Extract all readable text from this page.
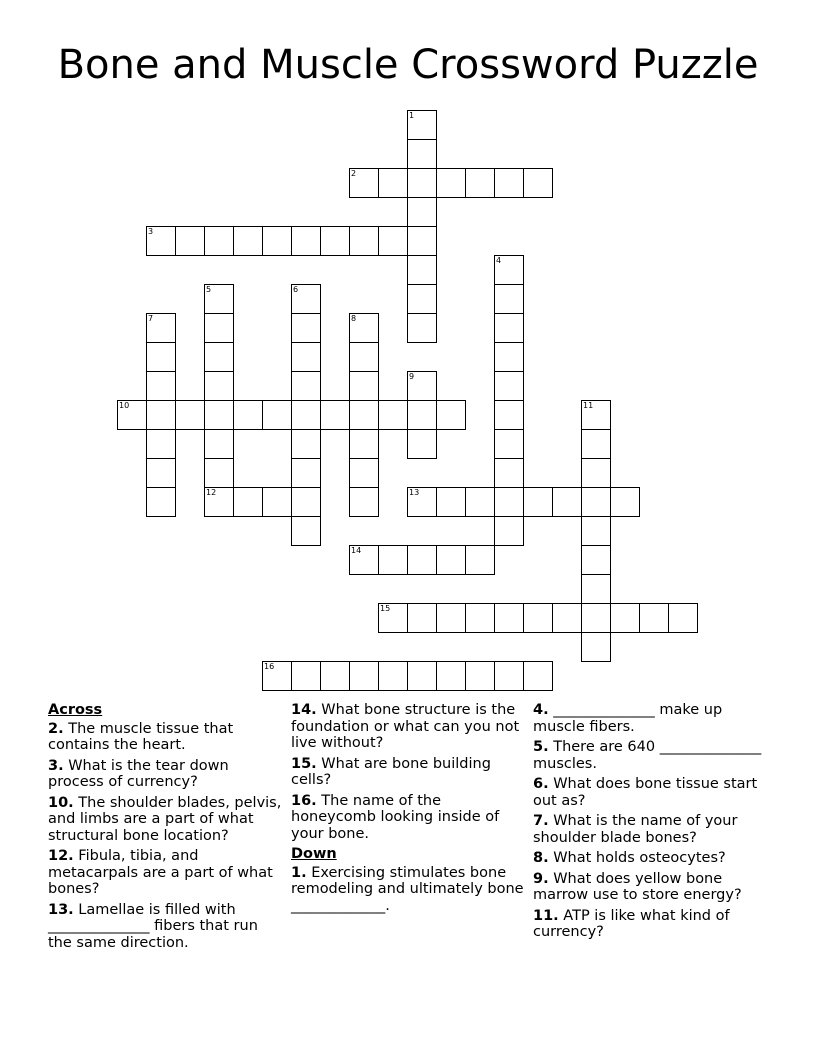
Bone and Muscle Crossword Puzzle
1
2
3
4
5
12
6
7	8
9
10	11
13
14
15
16
Across
2. The muscle tissue that contains the heart.
3. What is the tear down process of currency?
10. The shoulder blades, pelvis, and limbs are a part of what structural bone location?
12. Fibula, tibia, and metacarpals are a part of what bones?
13. Lamellae is filled with ______________ fibers that run the same direction.
14. What bone structure is the foundation or what can you not live without?
15. What are bone building cells?
16. The name of the honeycomb looking inside of your bone.
Down
1. Exercising stimulates bone remodeling and ultimately bone _____________.
4. ______________ make up muscle fibers.
5. There are 640 ______________ muscles.
6. What does bone tissue start out as?
7. What is the name of your shoulder blade bones?
8. What holds osteocytes?
9. What does yellow bone marrow use to store energy?
11. ATP is like what kind of currency?
